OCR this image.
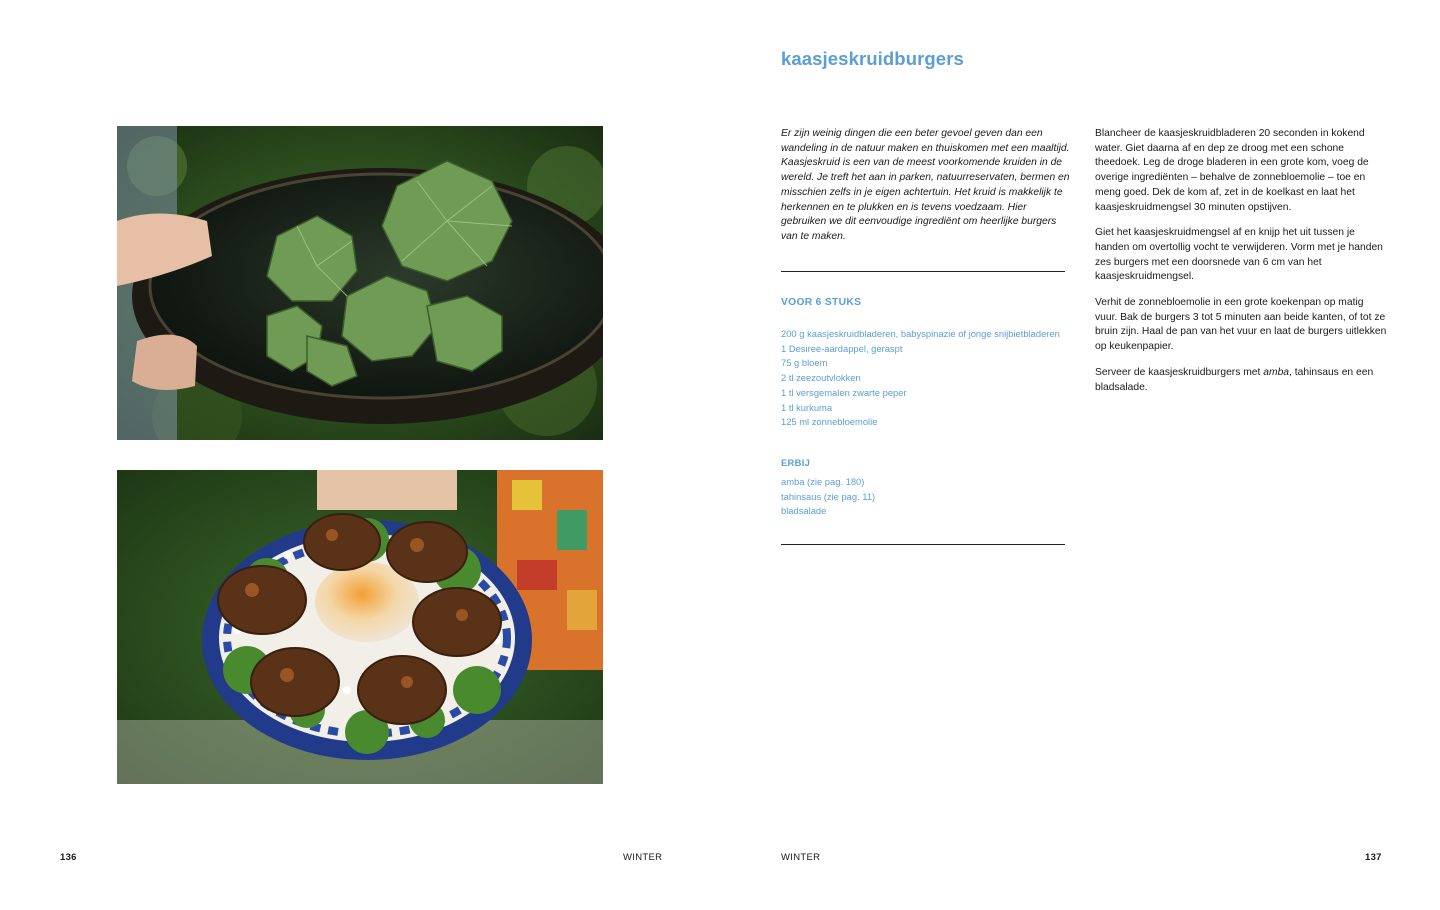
136	WINTER
kaasjeskruidburgers

Er zijn weinig dingen die een beter gevoel geven dan een wandeling in de natuur maken en thuiskomen met een maaltijd. Kaasjeskruid is een van de meest voorkomende kruiden in de wereld. Je treft het aan in parken, natuurreservaten, bermen en misschien zelfs in je eigen achtertuin. Het kruid is makkelijk te herkennen en te plukken en is tevens voedzaam. Hier gebruiken we dit eenvoudige ingrediënt om heerlijke burgers van te maken.

VOOR 6 STUKS
200 g kaasjeskruidbladeren, babyspinazie of jonge snijbietbladeren
1 Desiree-aardappel, geraspt
75 g bloem
2 tl zeezoutvlokken
1 tl versgemalen zwarte peper
1 tl kurkuma
125 ml zonnebloemolie
ERBIJ
amba (zie pag. 180)
tahinsaus (zie pag. 11)
bladsalade

Blancheer de kaasjeskruidbladeren 20 seconden in kokend water. Giet daarna af en dep ze droog met een schone theedoek. Leg de droge bladeren in een grote kom, voeg de overige ingrediënten – behalve de zonnebloemolie – toe en meng goed. Dek de kom af, zet in de koelkast en laat het kaasjeskruidmengsel 30 minuten opstijven.

Giet het kaasjeskruidmengsel af en knijp het uit tussen je handen om overtollig vocht te verwijderen. Vorm met je handen zes burgers met een doorsnede van 6 cm van het kaasjeskruidmengsel.

Verhit de zonnebloemolie in een grote koekenpan op matig vuur. Bak de burgers 3 tot 5 minuten aan beide kanten, of tot ze bruin zijn. Haal de pan van het vuur en laat de burgers uitlekken op keukenpapier.

Serveer de kaasjeskruidburgers met amba, tahinsaus en een bladsalade.

WINTER	137
